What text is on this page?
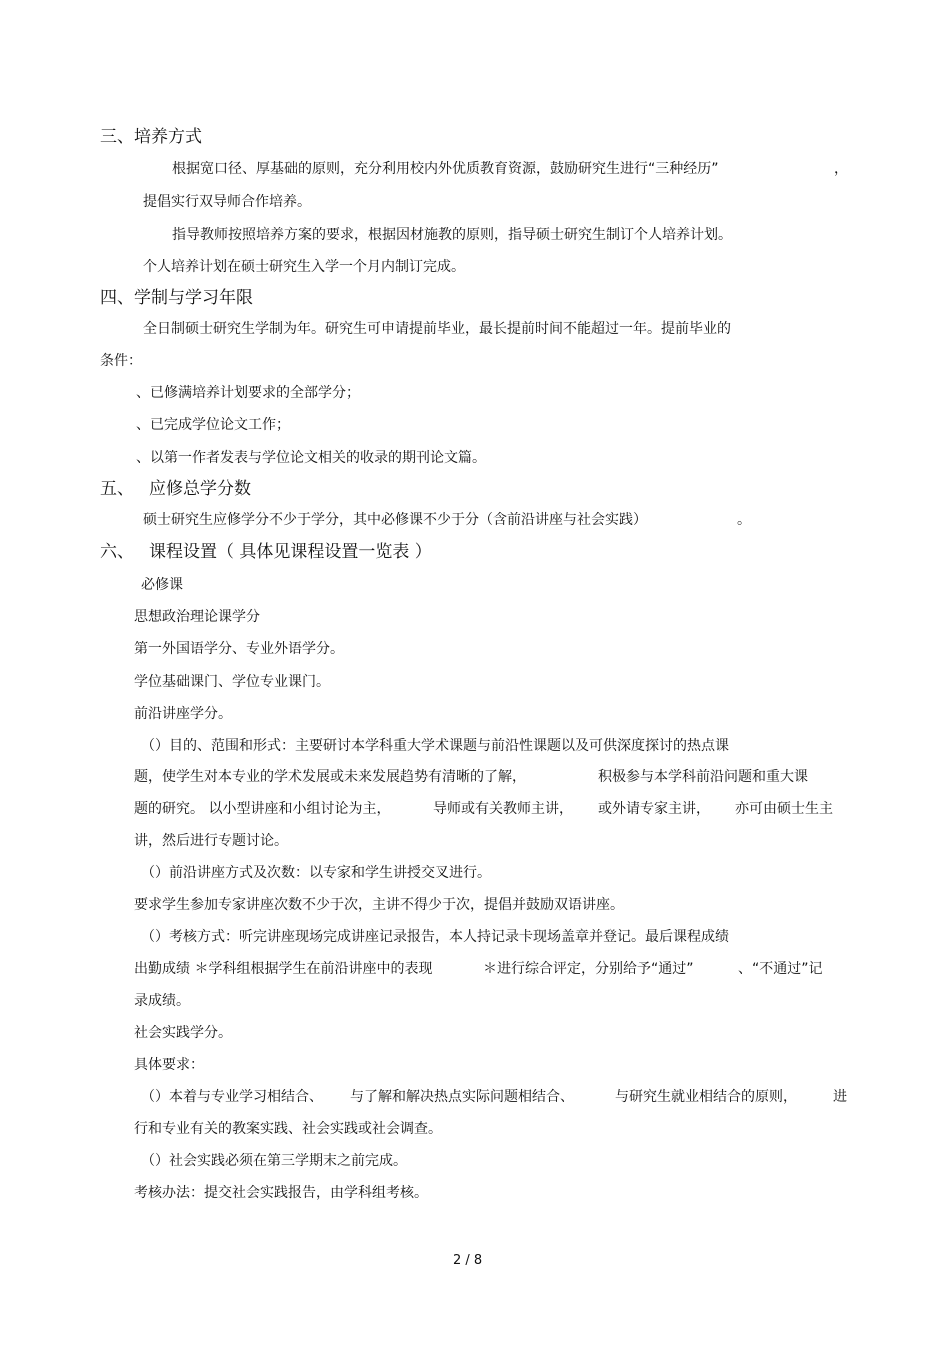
三、培养方式
根据宽口径、厚基础的原则，充分利用校内外优质教育资源，鼓励研究生进行“三种经历”	，
提倡实行双导师合作培养。
指导教师按照培养方案的要求，根据因材施教的原则，指导硕士研究生制订个人培养计划。
个人培养计划在硕士研究生入学一个月内制订完成。
四、学制与学习年限
全日制硕士研究生学制为年。研究生可申请提前毕业，最长提前时间不能超过一年。提前毕业的
条件：
、已修满培养计划要求的全部学分；
、已完成学位论文工作；
、以第一作者发表与学位论文相关的收录的期刊论文篇。
五、 应修总学分数
硕士研究生应修学分不少于学分，其中必修课不少于分（含前沿讲座与社会实践）	。
六、 课程设置（ 具体见课程设置一览表 ）
必修课
思想政治理论课学分
第一外国语学分、专业外语学分。
学位基础课门、学位专业课门。
前沿讲座学分。
（）目的、范围和形式：主要研讨本学科重大学术课题与前沿性课题以及可供深度探讨的热点课
题，使学生对本专业的学术发展或未来发展趋势有清晰的了解，	积极参与本学科前沿问题和重大课
题的研究。 以小型讲座和小组讨论为主，	导师或有关教师主讲， 或外请专家主讲， 亦可由硕士生主
讲，然后进行专题讨论。
（）前沿讲座方式及次数：以专家和学生讲授交叉进行。
要求学生参加专家讲座次数不少于次，主讲不得少于次，提倡并鼓励双语讲座。
（）考核方式：听完讲座现场完成讲座记录报告，本人持记录卡现场盖章并登记。最后课程成绩
出勤成绩 ＊学科组根据学生在前沿讲座中的表现	＊进行综合评定，分别给予“通过”	、“不通过”记
录成绩。
社会实践学分。
具体要求：
（）本着与专业学习相结合、 与了解和解决热点实际问题相结合、	与研究生就业相结合的原则，	进
行和专业有关的教案实践、社会实践或社会调查。
（）社会实践必须在第三学期末之前完成。
考核办法：提交社会实践报告，由学科组考核。
2 / 8
